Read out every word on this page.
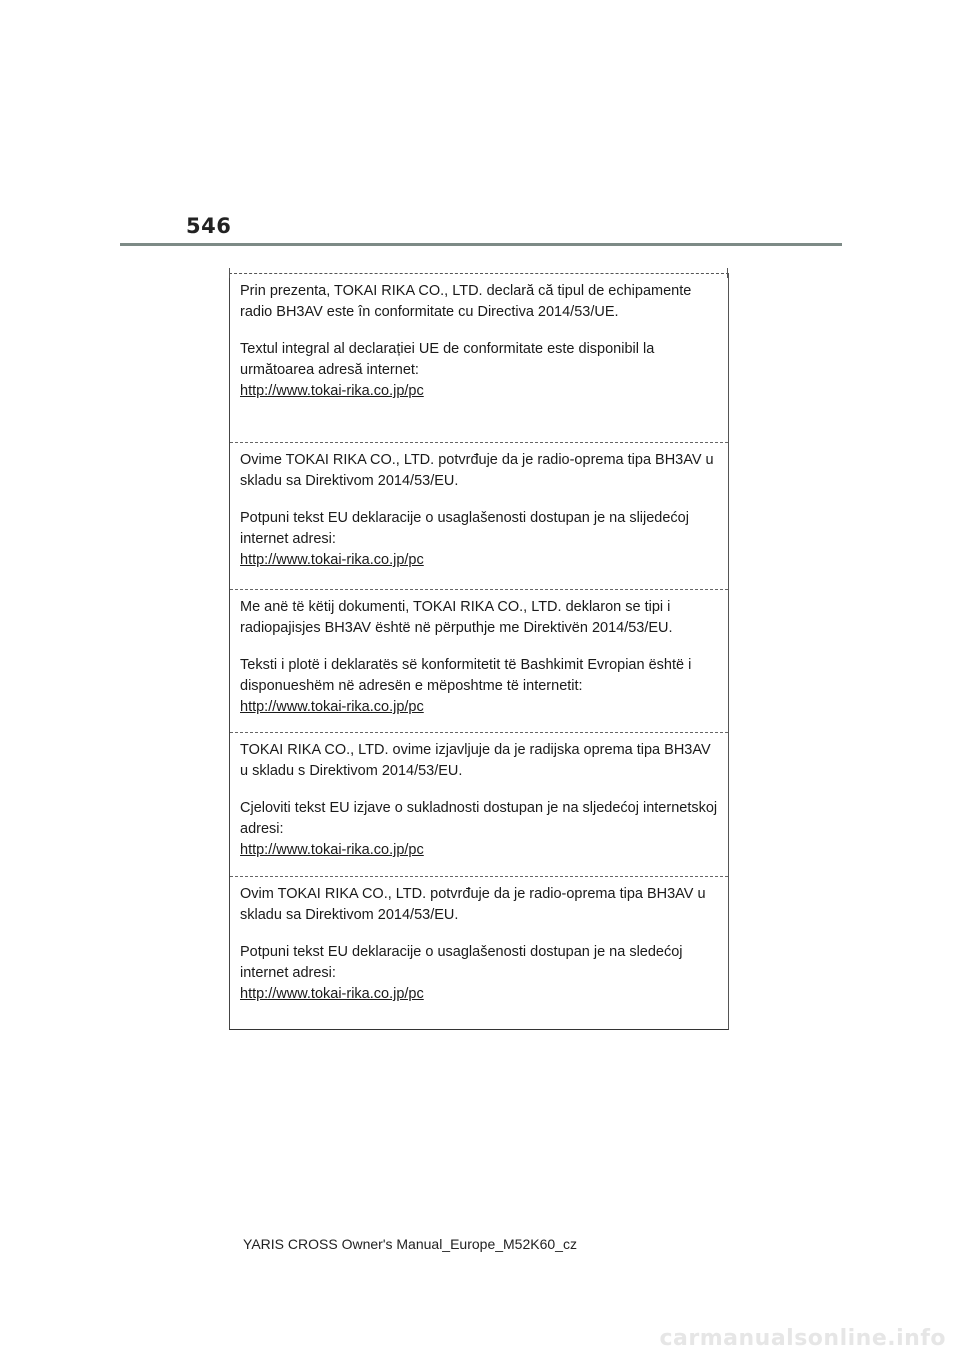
546

Prin prezenta, TOKAI RIKA CO., LTD. declară că tipul de echipamente radio BH3AV este în conformitate cu Directiva 2014/53/UE.

Textul integral al declarației UE de conformitate este disponibil la următoarea adresă internet:

http://www.tokai-rika.co.jp/pc

Ovime TOKAI RIKA CO., LTD. potvrđuje da je radio-oprema tipa BH3AV u skladu sa Direktivom 2014/53/EU.

Potpuni tekst EU deklaracije o usaglašenosti dostupan je na slijedećoj internet adresi:

http://www.tokai-rika.co.jp/pc

Me anë të këtij dokumenti, TOKAI RIKA CO., LTD. deklaron se tipi i radiopajisjes BH3AV është në përputhje me Direktivën 2014/53/EU.

Teksti i plotë i deklaratës së konformitetit të Bashkimit Evropian është i disponueshëm në adresën e mëposhtme të internetit:

http://www.tokai-rika.co.jp/pc

TOKAI RIKA CO., LTD. ovime izjavljuje da je radijska oprema tipa BH3AV u skladu s Direktivom 2014/53/EU.

Cjeloviti tekst EU izjave o sukladnosti dostupan je na sljedećoj internetskoj adresi:

http://www.tokai-rika.co.jp/pc

Ovim TOKAI RIKA CO., LTD. potvrđuje da je radio-oprema tipa BH3AV u skladu sa Direktivom 2014/53/EU.

Potpuni tekst EU deklaracije o usaglašenosti dostupan je na sledećoj internet adresi:

http://www.tokai-rika.co.jp/pc
YARIS CROSS Owner's Manual_Europe_M52K60_cz
carmanualsonline.info
